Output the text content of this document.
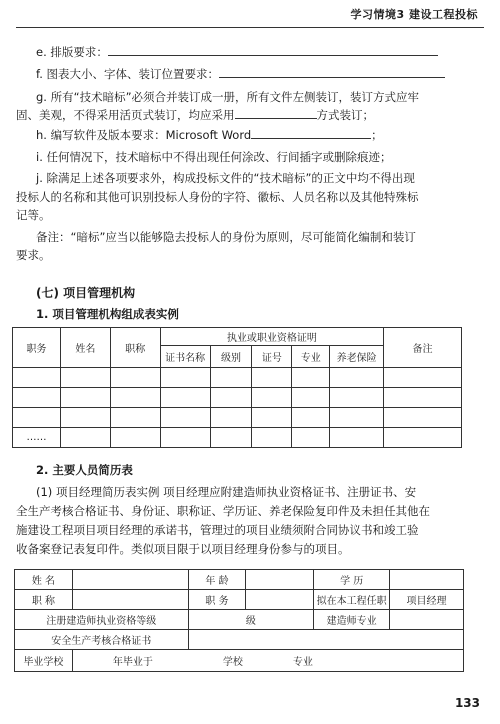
学习情境3 建设工程投标
e. 排版要求：
f. 图表大小、字体、装订位置要求：
g. 所有“技术暗标”必须合并装订成一册，所有文件左侧装订，装订方式应牢
固、美观，不得采用活页式装订，均应采用	方式装订；
h. 编写软件及版本要求：Microsoft Word	；
i. 任何情况下，技术暗标中不得出现任何涂改、行间插字或删除痕迹；
j. 除满足上述各项要求外，构成投标文件的“技术暗标”的正文中均不得出现
投标人的名称和其他可识别投标人身份的字符、徽标、人员名称以及其他特殊标
记等。
备注：“暗标”应当以能够隐去投标人的身份为原则，尽可能简化编制和装订
要求。
(七) 项目管理机构
1. 项目管理机构组成表实例
职务	姓名	职称	执业或职业资格证明					备注
			证书名称	级别	证号	专业	养老保险	

……								
2. 主要人员简历表
(1) 项目经理简历表实例 项目经理应附建造师执业资格证书、注册证书、安
全生产考核合格证书、身份证、职称证、学历证、养老保险复印件及未担任其他在
施建设工程项目项目经理的承诺书，管理过的项目业绩须附合同协议书和竣工验
收备案登记表复印件。类似项目限于以项目经理身份参与的项目。
姓 名		年 龄		学 历	
职 称		职 务		拟在本工程任职	项目经理
注册建造师执业资格等级		级		建造师专业	
安全生产考核合格证书					
毕业学校	年毕业于 学校 专业				
133
